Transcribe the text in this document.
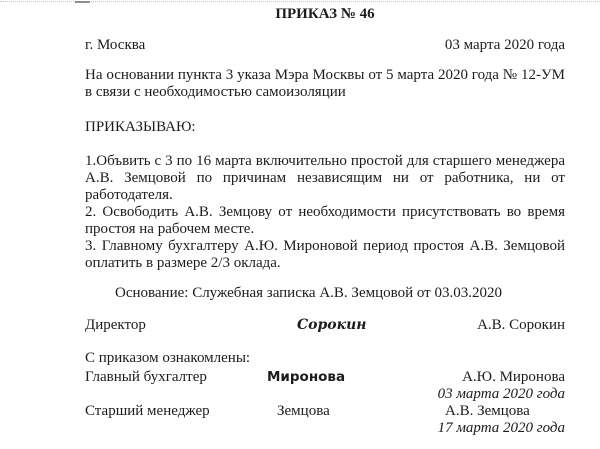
ПРИКАЗ № 46
г. Москва	03 марта 2020 года

На основании пункта 3 указа Мэра Москвы от 5 марта 2020 года № 12-УМ в связи с необходимостью самоизоляции

ПРИКАЗЫВАЮ:

1.Объвить с 3 по 16 марта включительно простой для старшего менеджера А.В. Земцовой по причинам независящим ни от работника, ни от работодателя.

2. Освободить А.В. Земцову от необходимости присутствовать во время простоя на рабочем месте.

3. Главному бухгалтеру А.Ю. Мироновой период простоя А.В. Земцовой оплатить в размере 2/3 оклада.

Основание: Служебная записка А.В. Земцовой от 03.03.2020
Директор	Сорокин	А.В. Сорокин
С приказом ознакомлены:
Главный бухгалтер	Миронова	А.Ю. Миронова
03 марта 2020 года
Старший менеджер	Земцова	А.В. Земцова
17 марта 2020 года
